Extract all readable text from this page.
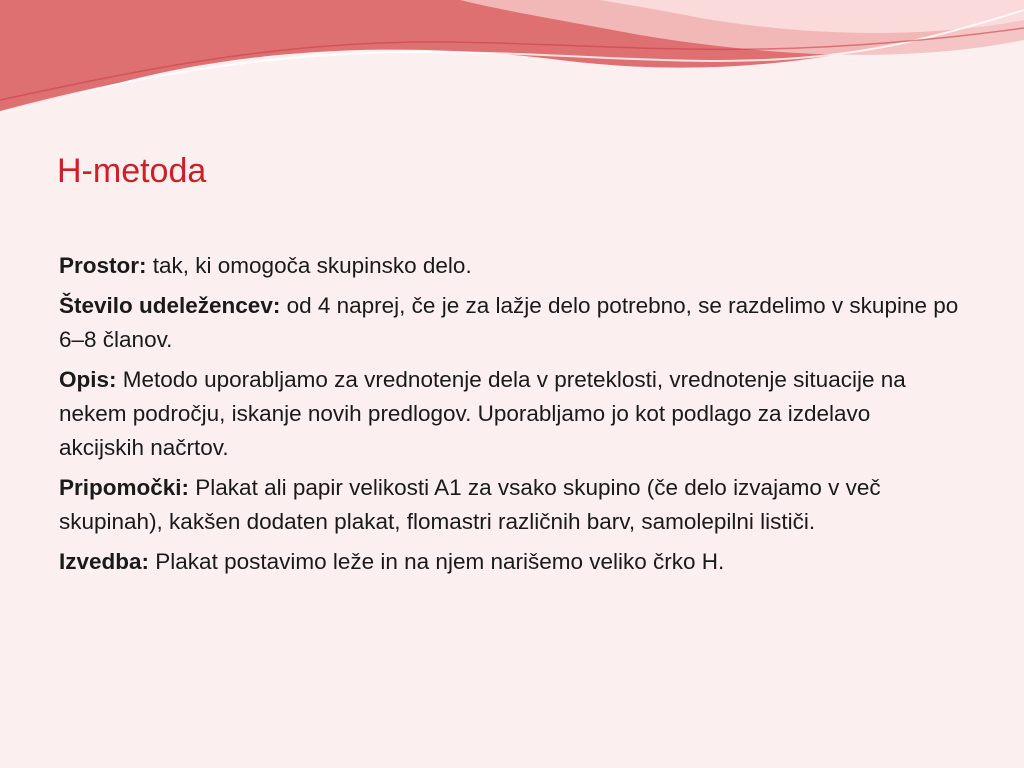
H-metoda

Prostor: tak, ki omogoča skupinsko delo.

Število udeležencev: od 4 naprej, če je za lažje delo potrebno, se razdelimo v skupine po 6–8 članov.

Opis: Metodo uporabljamo za vrednotenje dela v preteklosti, vrednotenje situacije na nekem področju, iskanje novih predlogov. Uporabljamo jo kot podlago za izdelavo akcijskih načrtov.

Pripomočki: Plakat ali papir velikosti A1 za vsako skupino (če delo izvajamo v več skupinah), kakšen dodaten plakat, flomastri različnih barv, samolepilni lističi.

Izvedba: Plakat postavimo leže in na njem narišemo veliko črko H.
